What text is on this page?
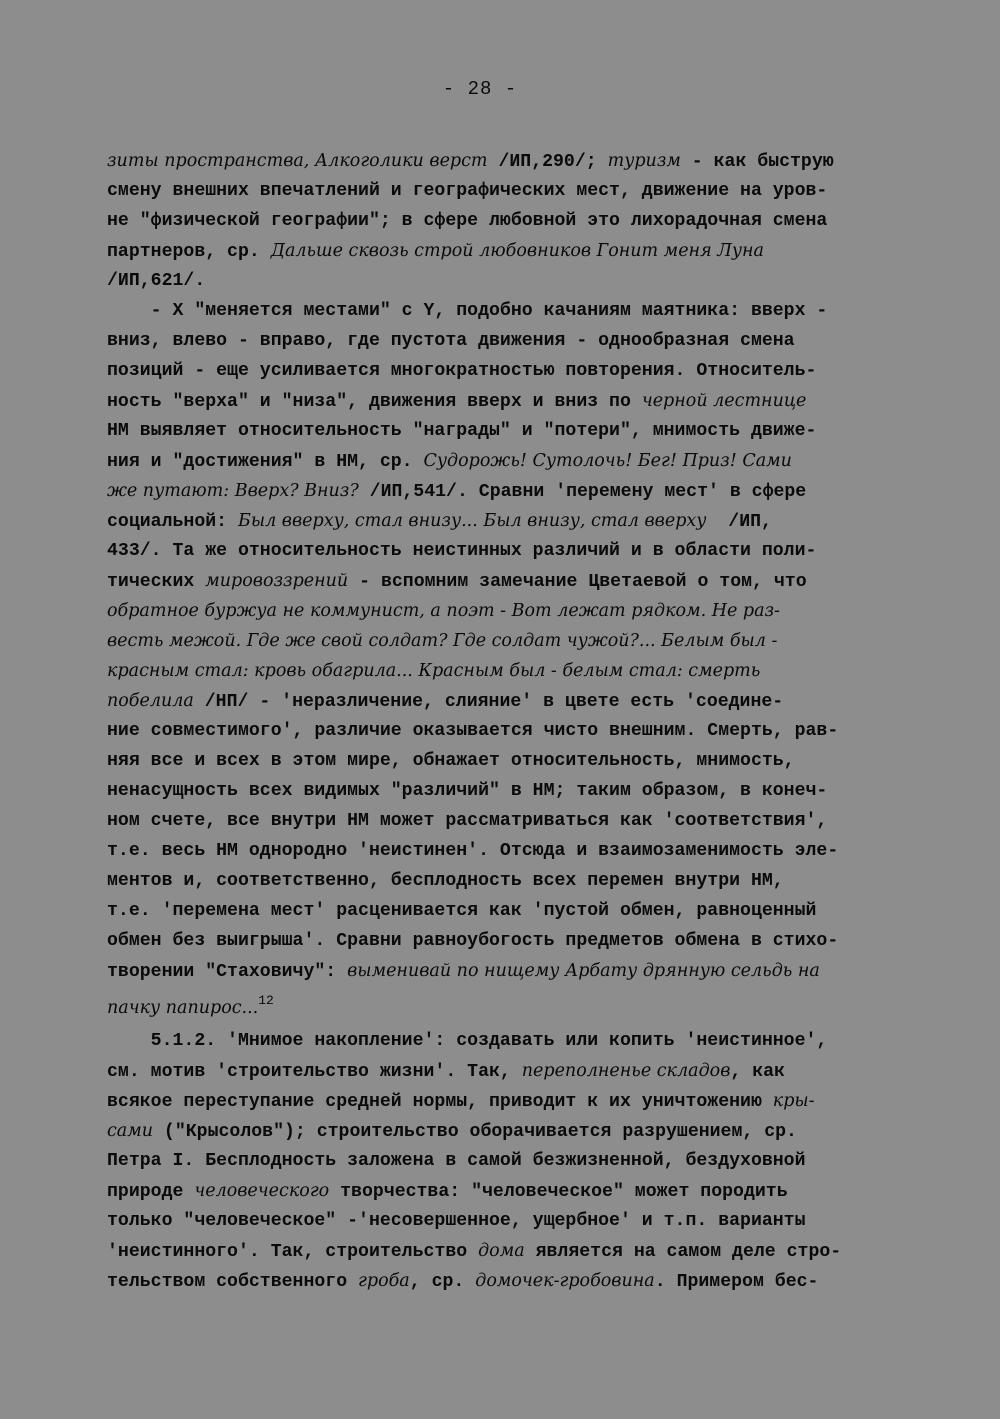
- 28 -
зиты пространства, Алкоголики верст /ИП,290/; туризм - как быструю
смену внешних впечатлений и географических мест, движение на уров-
не "физической географии"; в сфере любовной это лихорадочная смена
партнеров, ср. Дальше сквозь строй любовников Гонит меня Луна
/ИП,621/.
- X "меняется местами" с Y, подобно качаниям маятника: вверх -
вниз, влево - вправо, где пустота движения - однообразная смена
позиций - еще усиливается многократностью повторения. Относитель-
ность "верха" и "низа", движения вверх и вниз по черной лестнице
НМ выявляет относительность "награды" и "потери", мнимость движе-
ния и "достижения" в НМ, ср. Судорожь! Сутолочь! Бег! Приз! Сами
же путают: Вверх? Вниз? /ИП,541/. Сравни 'перемену мест' в сфере
социальной: Был вверху, стал внизу... Был внизу, стал вверху  /ИП,
433/. Та же относительность неистинных различий и в области поли-
тических мировоззрений - вспомним замечание Цветаевой о том, что
обратное буржуа не коммунист, а поэт - Вот лежат рядком. Не раз-
весть межой. Где же свой солдат? Где солдат чужой?... Белым был -
красным стал: кровь обагрила... Красным был - белым стал: смерть
побелила /НП/ - 'неразличение, слияние' в цвете есть 'соедине-
ние совместимого', различие оказывается чисто внешним. Смерть, рав-
няя все и всех в этом мире, обнажает относительность, мнимость,
ненасущность всех видимых "различий" в НМ; таким образом, в конеч-
ном счете, все внутри НМ может рассматриваться как 'соответствия',
т.е. весь НМ однородно 'неистинен'. Отсюда и взаимозаменимость эле-
ментов и, соответственно, бесплодность всех перемен внутри НМ,
т.е. 'перемена мест' расценивается как 'пустой обмен, равноценный
обмен без выигрыша'. Сравни равноубогость предметов обмена в стихо-
творении "Стаховичу": выменивай по нищему Арбату дрянную сельдь на
пачку папирос...$^{12}$
5.1.2. 'Мнимое накопление': создавать или копить 'неистинное',
см. мотив 'строительство жизни'. Так, переполненье складов, как
всякое переступание средней нормы, приводит к их уничтожению кры-
сами ("Крысолов"); строительство оборачивается разрушением, ср.
Петра I. Бесплодность заложена в самой безжизненной, бездуховной
природе человеческого творчества: "человеческое" может породить
только "человеческое" -'несовершенное, ущербное' и т.п. варианты
'неистинного'. Так, строительство дома является на самом деле стро-
тельством собственного гроба, ср. домочек-гробовина. Примером бес-
